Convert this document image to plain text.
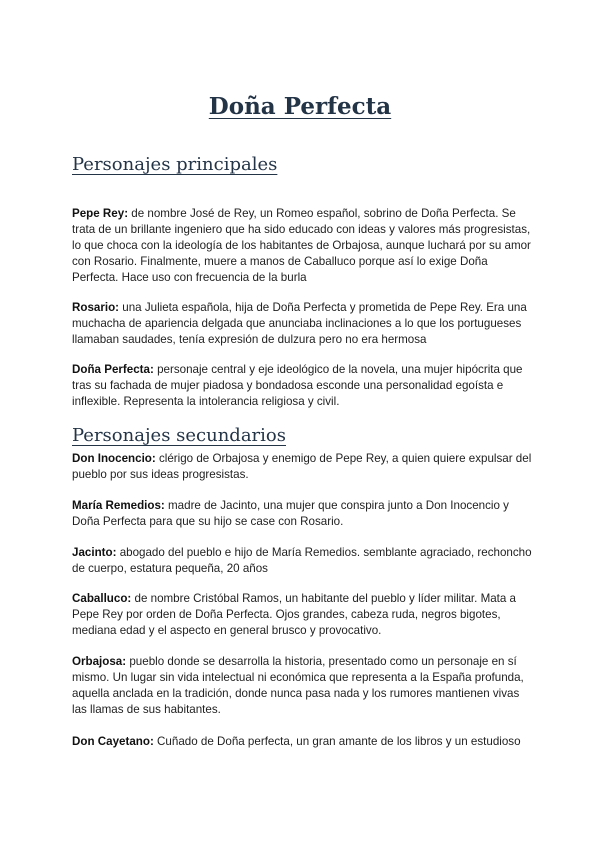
Doña Perfecta
Personajes principales

Pepe Rey: de nombre José de Rey, un Romeo español, sobrino de Doña Perfecta. Se trata de un brillante ingeniero que ha sido educado con ideas y valores más progresistas, lo que choca con la ideología de los habitantes de Orbajosa, aunque luchará por su amor con Rosario. Finalmente, muere a manos de Caballuco porque así lo exige Doña Perfecta. Hace uso con frecuencia de la burla

Rosario: una Julieta española, hija de Doña Perfecta y prometida de Pepe Rey. Era una muchacha de apariencia delgada que anunciaba inclinaciones a lo que los portugueses llamaban saudades, tenía expresión de dulzura pero no era hermosa

Doña Perfecta: personaje central y eje ideológico de la novela, una mujer hipócrita que tras su fachada de mujer piadosa y bondadosa esconde una personalidad egoísta e inflexible. Representa la intolerancia religiosa y civil.

Personajes secundarios

Don Inocencio: clérigo de Orbajosa y enemigo de Pepe Rey, a quien quiere expulsar del pueblo por sus ideas progresistas.

María Remedios: madre de Jacinto, una mujer que conspira junto a Don Inocencio y Doña Perfecta para que su hijo se case con Rosario.

Jacinto: abogado del pueblo e hijo de María Remedios. semblante agraciado, rechoncho de cuerpo, estatura pequeña, 20 años

Caballuco: de nombre Cristóbal Ramos, un habitante del pueblo y líder militar. Mata a Pepe Rey por orden de Doña Perfecta. Ojos grandes, cabeza ruda, negros bigotes, mediana edad y el aspecto en general brusco y provocativo.

Orbajosa: pueblo donde se desarrolla la historia, presentado como un personaje en sí mismo. Un lugar sin vida intelectual ni económica que representa a la España profunda, aquella anclada en la tradición, donde nunca pasa nada y los rumores mantienen vivas las llamas de sus habitantes.

Don Cayetano: Cuñado de Doña perfecta, un gran amante de los libros y un estudioso
